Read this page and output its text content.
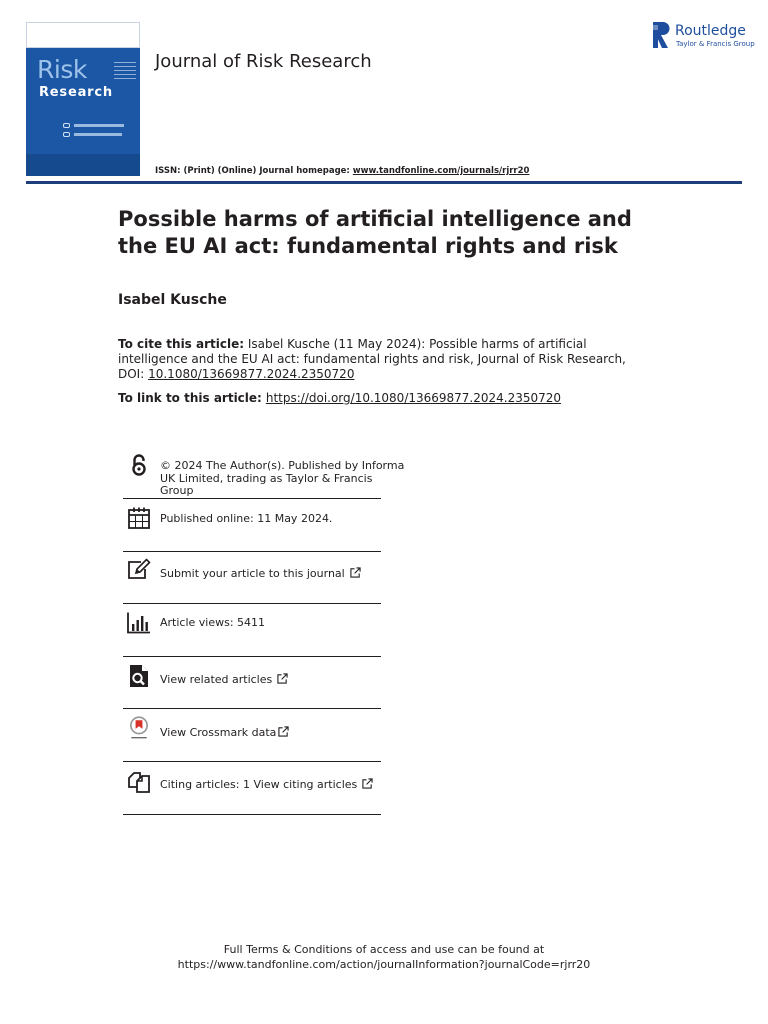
Risk
Research

Journal of Risk Research
Routledge
Taylor & Francis Group
ISSN: (Print) (Online) Journal homepage: www.tandfonline.com/journals/rjrr20
Possible harms of artificial intelligence and the EU AI act: fundamental rights and risk
Isabel Kusche
To cite this article: Isabel Kusche (11 May 2024): Possible harms of artificial intelligence and the EU AI act: fundamental rights and risk, Journal of Risk Research, DOI: 10.1080/13669877.2024.2350720
To link to this article: https://doi.org/10.1080/13669877.2024.2350720
© 2024 The Author(s). Published by Informa
UK Limited, trading as Taylor & Francis
Group
Published online: 11 May 2024.
Submit your article to this journal
Article views: 5411
View related articles
View Crossmark data
Citing articles: 1 View citing articles
Full Terms & Conditions of access and use can be found at
https://www.tandfonline.com/action/journalInformation?journalCode=rjrr20
